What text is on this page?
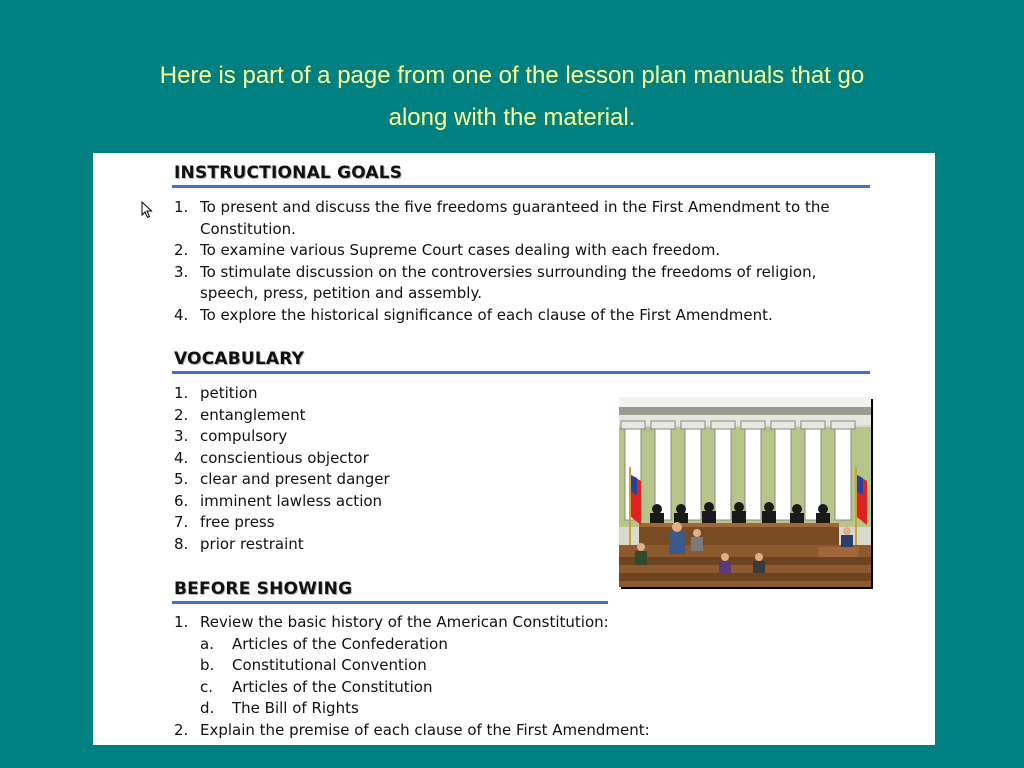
Here is part of a page from one of the lesson plan manuals that go
along with the material.
INSTRUCTIONAL GOALS
1. To present and discuss the five freedoms guaranteed in the First Amendment to the
Constitution.
2. To examine various Supreme Court cases dealing with each freedom.
3. To stimulate discussion on the controversies surrounding the freedoms of religion,
speech, press, petition and assembly.
4. To explore the historical significance of each clause of the First Amendment.
VOCABULARY
1. petition
2. entanglement
3. compulsory
4. conscientious objector
5. clear and present danger
6. imminent lawless action
7. free press
8. prior restraint
BEFORE SHOWING
1. Review the basic history of the American Constitution:
a. Articles of the Confederation
b. Constitutional Convention
c. Articles of the Constitution
d. The Bill of Rights
2. Explain the premise of each clause of the First Amendment:
